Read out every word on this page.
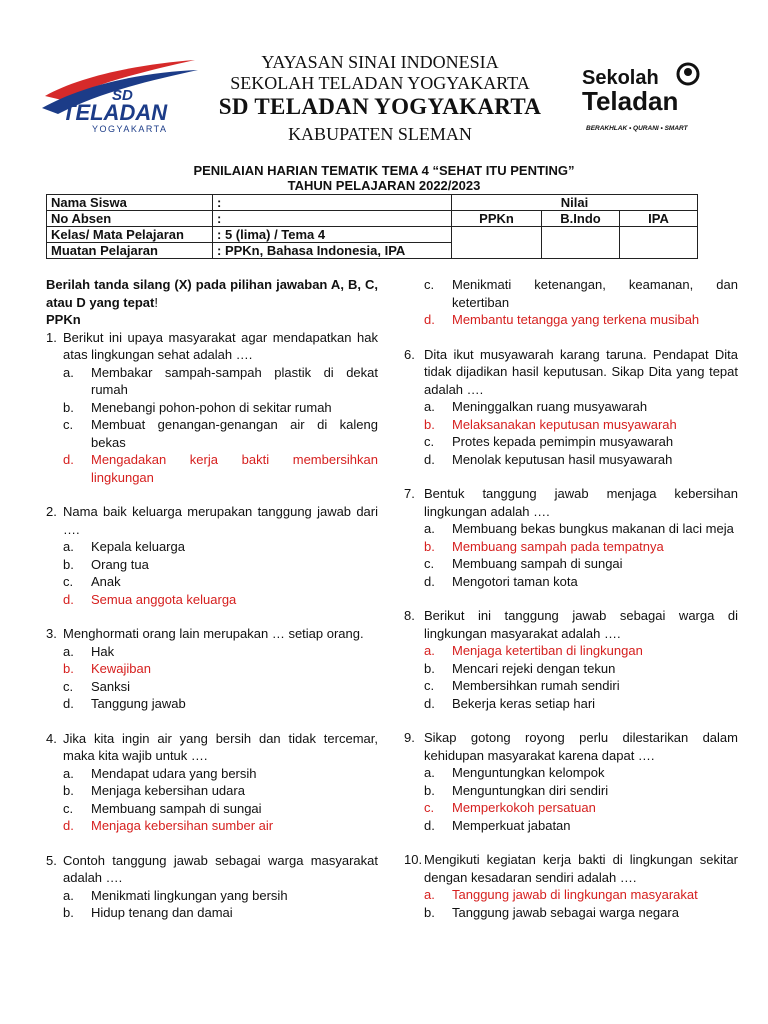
SD
TELADAN
YOGYAKARTA
YAYASAN SINAI INDONESIA
SEKOLAH TELADAN YOGYAKARTA
SD TELADAN YOGYAKARTA
KABUPATEN SLEMAN
Sekolah
Teladan
BERAKHLAK • QURANI • SMART
PENILAIAN HARIAN TEMATIK TEMA 4 “SEHAT ITU PENTING”
TAHUN PELAJARAN 2022/2023
Nama Siswa	:	Nilai		
No Absen	:	PPKn	B.Indo	IPA
Kelas/ Mata Pelajaran	: 5 (lima) / Tema 4			
Muatan Pelajaran	: PPKn, Bahasa Indonesia, IPA			

Berilah tanda silang (X) pada pilihan jawaban A, B, C, atau D yang tepat!

PPKn
1. Berikut ini upaya masyarakat agar mendapatkan hak atas lingkungan sehat adalah ….
a. Membakar sampah-sampah plastik di dekat rumah
b. Menebangi pohon-pohon di sekitar rumah
c. Membuat genangan-genangan air di kaleng bekas
d. Mengadakan kerja bakti membersihkan lingkungan
2. Nama baik keluarga merupakan tanggung jawab dari ….
a. Kepala keluarga
b. Orang tua
c. Anak
d. Semua anggota keluarga
3. Menghormati orang lain merupakan … setiap orang.
a. Hak
b. Kewajiban
c. Sanksi
d. Tanggung jawab
4. Jika kita ingin air yang bersih dan tidak tercemar, maka kita wajib untuk ….
a. Mendapat udara yang bersih
b. Menjaga kebersihan udara
c. Membuang sampah di sungai
d. Menjaga kebersihan sumber air
5. Contoh tanggung jawab sebagai warga masyarakat adalah ….
a. Menikmati lingkungan yang bersih
b. Hidup tenang dan damai
c. Menikmati ketenangan, keamanan, dan ketertiban
d. Membantu tetangga yang terkena musibah
6. Dita ikut musyawarah karang taruna. Pendapat Dita tidak dijadikan hasil keputusan. Sikap Dita yang tepat adalah ….
a. Meninggalkan ruang musyawarah
b. Melaksanakan keputusan musyawarah
c. Protes kepada pemimpin musyawarah
d. Menolak keputusan hasil musyawarah
7. Bentuk tanggung jawab menjaga kebersihan lingkungan adalah ….
a. Membuang bekas bungkus makanan di laci meja
b. Membuang sampah pada tempatnya
c. Membuang sampah di sungai
d. Mengotori taman kota
8. Berikut ini tanggung jawab sebagai warga di lingkungan masyarakat adalah ….
a. Menjaga ketertiban di lingkungan
b. Mencari rejeki dengan tekun
c. Membersihkan rumah sendiri
d. Bekerja keras setiap hari
9. Sikap gotong royong perlu dilestarikan dalam kehidupan masyarakat karena dapat ….
a. Menguntungkan kelompok
b. Menguntungkan diri sendiri
c. Memperkokoh persatuan
d. Memperkuat jabatan
10. Mengikuti kegiatan kerja bakti di lingkungan sekitar dengan kesadaran sendiri adalah ….
a. Tanggung jawab di lingkungan masyarakat
b. Tanggung jawab sebagai warga negara
